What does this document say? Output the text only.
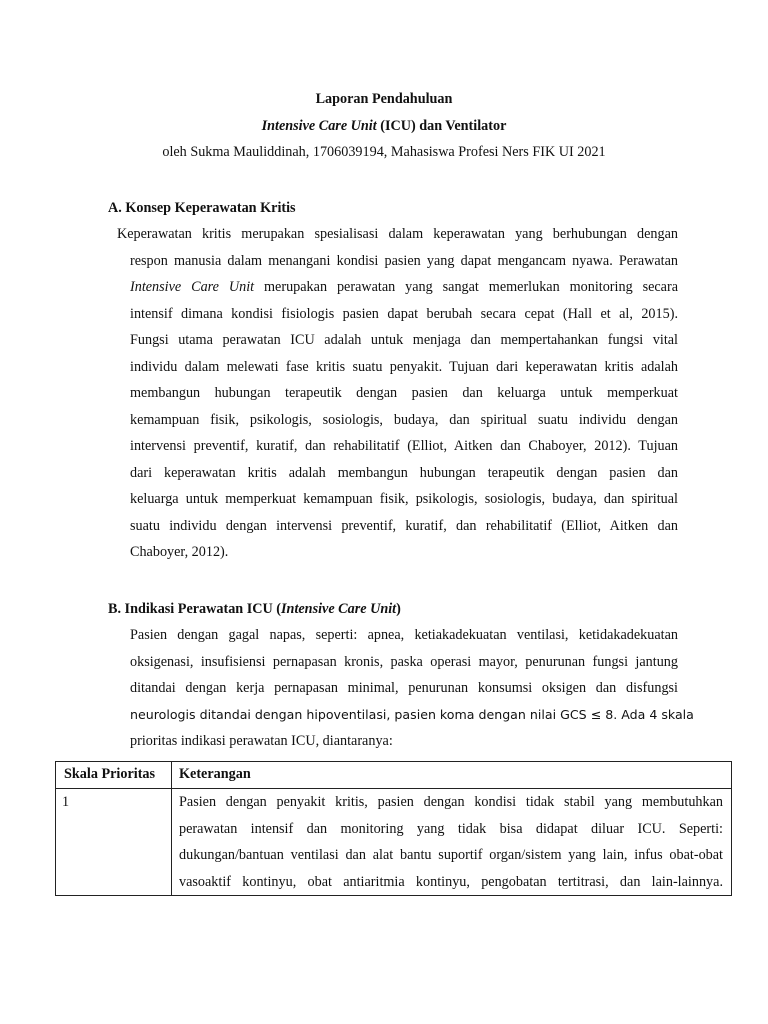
Laporan Pendahuluan
Intensive Care Unit (ICU) dan Ventilator
oleh Sukma Mauliddinah, 1706039194, Mahasiswa Profesi Ners FIK UI 2021
A. Konsep Keperawatan Kritis
Keperawatan kritis merupakan spesialisasi dalam keperawatan yang berhubungan dengan
respon manusia dalam menangani kondisi pasien yang dapat mengancam nyawa. Perawatan
Intensive Care Unit merupakan perawatan yang sangat memerlukan monitoring secara
intensif dimana kondisi fisiologis pasien dapat berubah secara cepat (Hall et al, 2015).
Fungsi utama perawatan ICU adalah untuk menjaga dan mempertahankan fungsi vital
individu dalam melewati fase kritis suatu penyakit. Tujuan dari keperawatan kritis adalah
membangun hubungan terapeutik dengan pasien dan keluarga untuk memperkuat
kemampuan fisik, psikologis, sosiologis, budaya, dan spiritual suatu individu dengan
intervensi preventif, kuratif, dan rehabilitatif (Elliot, Aitken dan Chaboyer, 2012). Tujuan
dari keperawatan kritis adalah membangun hubungan terapeutik dengan pasien dan
keluarga untuk memperkuat kemampuan fisik, psikologis, sosiologis, budaya, dan spiritual
suatu individu dengan intervensi preventif, kuratif, dan rehabilitatif (Elliot, Aitken dan
Chaboyer, 2012).
B. Indikasi Perawatan ICU (Intensive Care Unit)
Pasien dengan gagal napas, seperti: apnea, ketiakadekuatan ventilasi, ketidakadekuatan
oksigenasi, insufisiensi pernapasan kronis, paska operasi mayor, penurunan fungsi jantung
ditandai dengan kerja pernapasan minimal, penurunan konsumsi oksigen dan disfungsi
neurologis ditandai dengan hipoventilasi, pasien koma dengan nilai GCS ≤ 8. Ada 4 skala
prioritas indikasi perawatan ICU, diantaranya:
Skala Prioritas	Keterangan

1	Pasien dengan penyakit kritis, pasien dengan kondisi tidak stabil yang membutuhkan
perawatan intensif dan monitoring yang tidak bisa didapat diluar ICU. Seperti:
dukungan/bantuan ventilasi dan alat bantu suportif organ/sistem yang lain, infus obat-obat
vasoaktif kontinyu, obat antiaritmia kontinyu, pengobatan tertitrasi, dan lain-lainnya.
